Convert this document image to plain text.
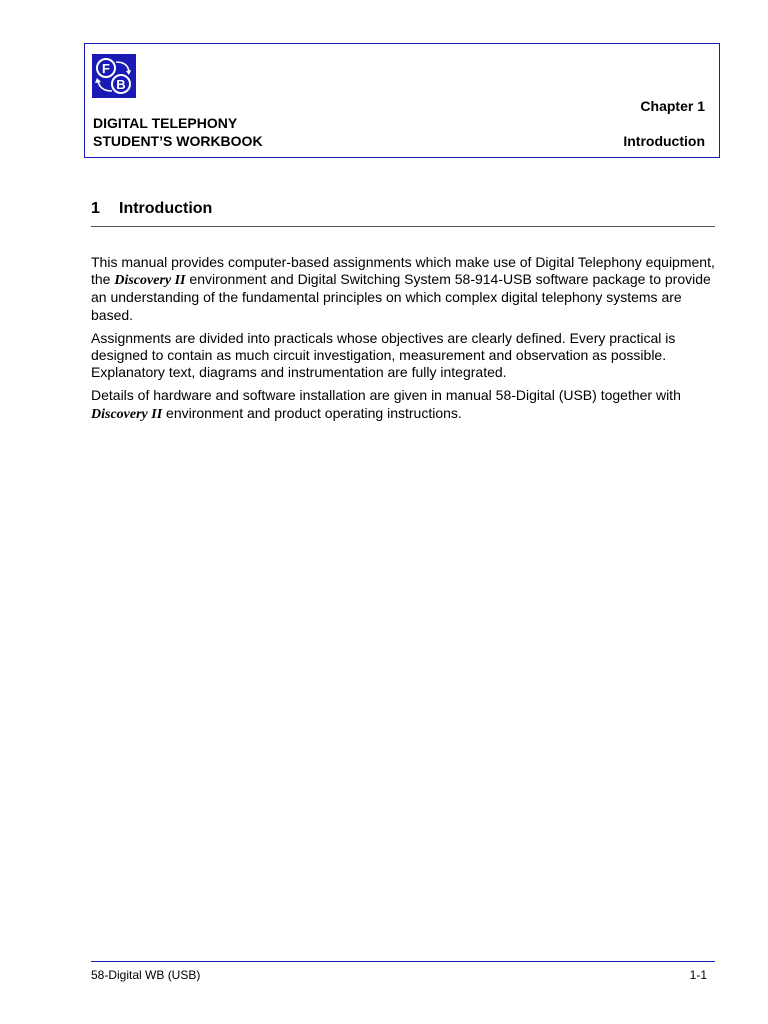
F
B
DIGITAL TELEPHONY
STUDENT’S WORKBOOK
Chapter 1
Introduction
1 Introduction

This manual provides computer-based assignments which make use of Digital Telephony equipment, the Discovery II environment and Digital Switching System 58-914-USB software package to provide an understanding of the fundamental principles on which complex digital telephony systems are based.

Assignments are divided into practicals whose objectives are clearly defined. Every practical is designed to contain as much circuit investigation, measurement and observation as possible. Explanatory text, diagrams and instrumentation are fully integrated.

Details of hardware and software installation are given in manual 58-Digital (USB) together with Discovery II environment and product operating instructions.

58-Digital WB (USB)	1-1
